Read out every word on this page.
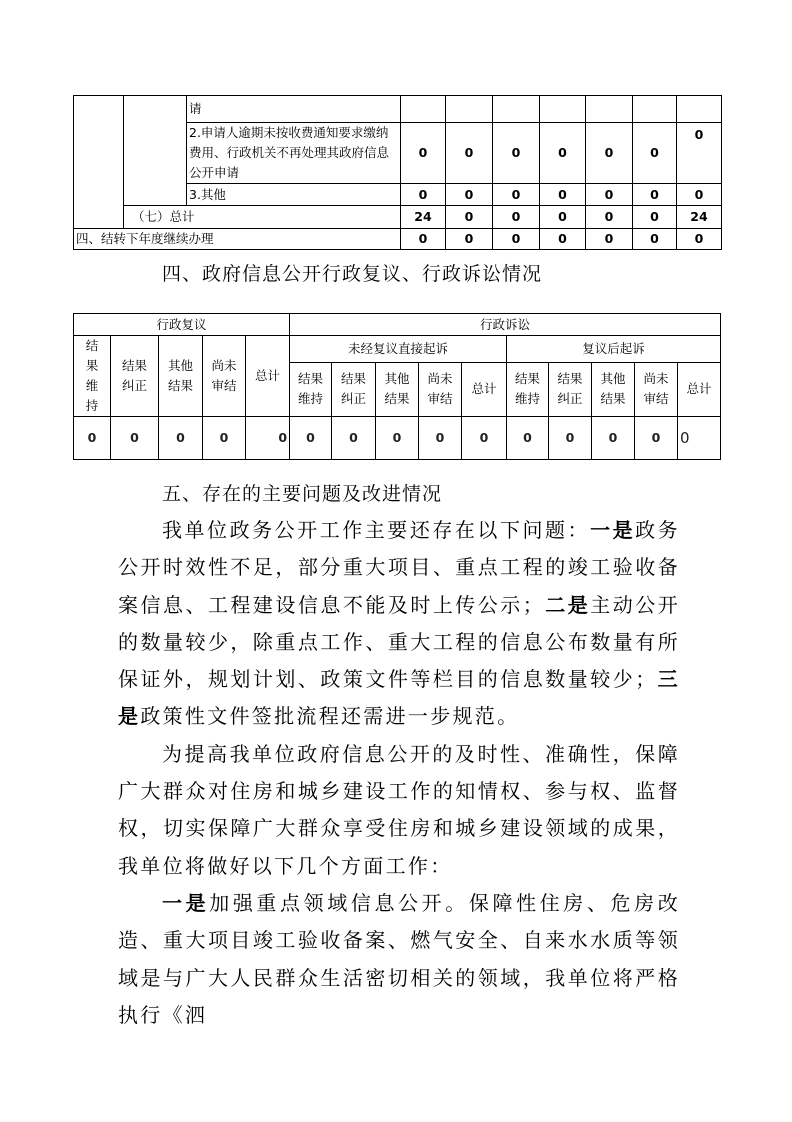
		请							
		2.申请人逾期未按收费通知要求缴纳费用、行政机关不再处理其政府信息公开申请	0	0	0	0	0	0	0
		3.其他	0	0	0	0	0	0	0
	（七）总计		24	0	0	0	0	0	24
四、结转下年度继续办理			0	0	0	0	0	0	0
四、政府信息公开行政复议、行政诉讼情况
行政复议					行政诉讼									
结果维持	结果纠正	其他结果	尚未审结	总计	未经复议直接起诉					复议后起诉				
					结果维持	结果纠正	其他结果	尚未审结	总计	结果维持	结果纠正	其他结果	尚未审结	总计
0	0	0	0	0	0	0	0	0	0	0	0	0	0	0
五、存在的主要问题及改进情况

我单位政务公开工作主要还存在以下问题：一是政务公开时效性不足，部分重大项目、重点工程的竣工验收备案信息、工程建设信息不能及时上传公示；二是主动公开的数量较少，除重点工作、重大工程的信息公布数量有所保证外，规划计划、政策文件等栏目的信息数量较少；三是政策性文件签批流程还需进一步规范。

为提高我单位政府信息公开的及时性、准确性，保障广大群众对住房和城乡建设工作的知情权、参与权、监督权，切实保障广大群众享受住房和城乡建设领域的成果，我单位将做好以下几个方面工作：

一是加强重点领域信息公开。保障性住房、危房改造、重大项目竣工验收备案、燃气安全、自来水水质等领域是与广大人民群众生活密切相关的领域，我单位将严格执行《泗
